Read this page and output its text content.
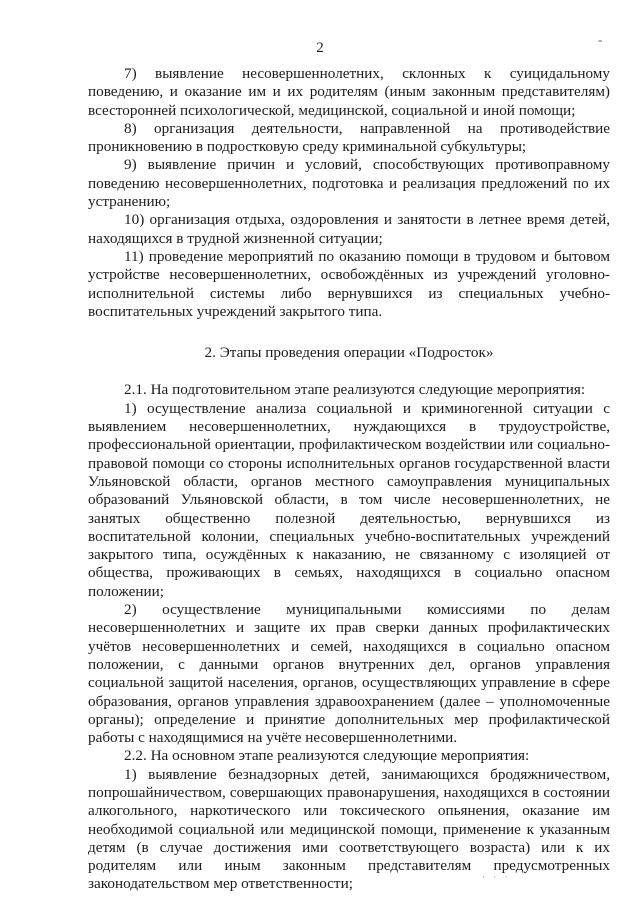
2
-

7) выявление несовершеннолетних, склонных к суицидальному поведению, и оказание им и их родителям (иным законным представителям) всесторонней психологической, медицинской, социальной и иной помощи;

8) организация деятельности, направленной на противодействие проникновению в подростковую среду криминальной субкультуры;

9) выявление причин и условий, способствующих противоправному поведению несовершеннолетних, подготовка и реализация предложений по их устранению;

10) организация отдыха, оздоровления и занятости в летнее время детей, находящихся в трудной жизненной ситуации;

11) проведение мероприятий по оказанию помощи в трудовом и бытовом устройстве несовершеннолетних, освобождённых из учреждений уголовно-исполнительной системы либо вернувшихся из специальных учебно-воспитательных учреждений закрытого типа.

2. Этапы проведения операции «Подросток»

2.1. На подготовительном этапе реализуются следующие мероприятия:

1) осуществление анализа социальной и криминогенной ситуации с выявлением несовершеннолетних, нуждающихся в трудоустройстве, профессиональной ориентации, профилактическом воздействии или социально-правовой помощи со стороны исполнительных органов государственной власти Ульяновской области, органов местного самоуправления муниципальных образований Ульяновской области, в том числе несовершеннолетних, не занятых общественно полезной деятельностью, вернувшихся из воспитательной колонии, специальных учебно-воспитательных учреждений закрытого типа, осуждённых к наказанию, не связанному с изоляцией от общества, проживающих в семьях, находящихся в социально опасном положении;

2) осуществление муниципальными комиссиями по делам несовершеннолетних и защите их прав сверки данных профилактических учётов несовершеннолетних и семей, находящихся в социально опасном положении, с данными органов внутренних дел, органов управления социальной защитой населения, органов, осуществляющих управление в сфере образования, органов управления здравоохранением (далее – уполномоченные органы); определение и принятие дополнительных мер профилактической работы с находящимися на учёте несовершеннолетними.

2.2. На основном этапе реализуются следующие мероприятия:

1) выявление безнадзорных детей, занимающихся бродяжничеством, попрошайничеством, совершающих правонарушения, находящихся в состоянии алкогольного, наркотического или токсического опьянения, оказание им необходимой социальной или медицинской помощи, применение к указанным детям (в случае достижения ими соответствующего возраста) или к их родителям или иным законным представителям предусмотренных законодательством мер ответственности;	· · ·
